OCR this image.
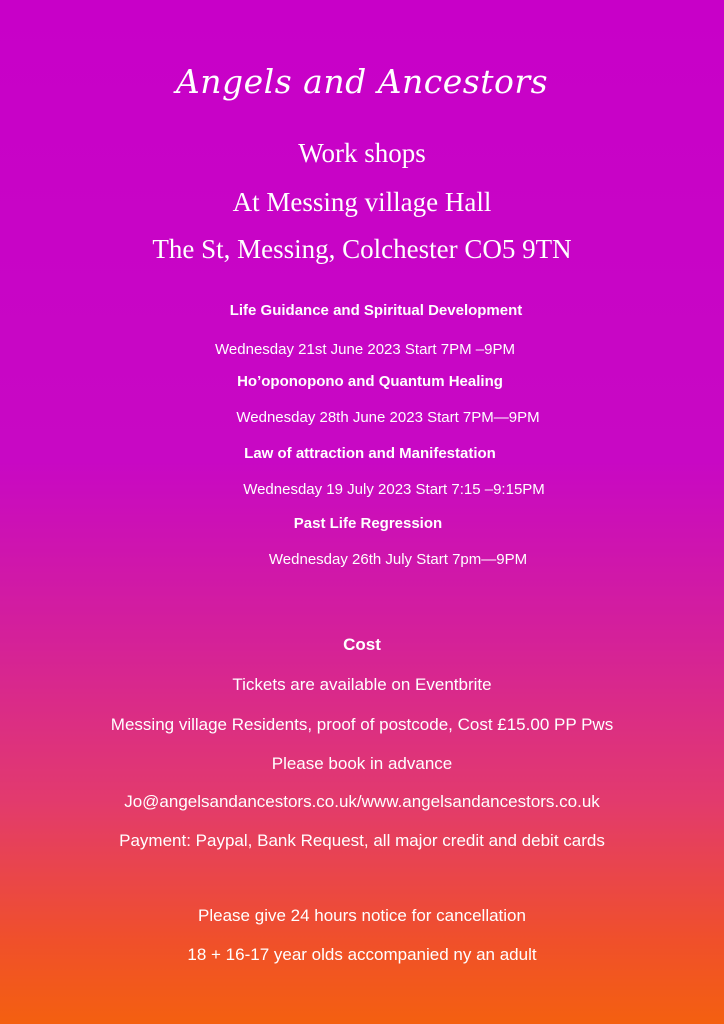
Angels and Ancestors
Work shops
At Messing village Hall
The St, Messing, Colchester CO5 9TN
Life Guidance and Spiritual Development
Wednesday 21st June 2023 Start 7PM –9PM
Ho’oponopono and Quantum Healing
Wednesday 28th June 2023 Start 7PM—9PM
Law of attraction and Manifestation
Wednesday 19 July 2023 Start 7:15 –9:15PM
Past Life Regression
Wednesday 26th July Start 7pm—9PM
Cost
Tickets are available on Eventbrite
Messing village Residents, proof of postcode, Cost £15.00 PP Pws
Please book in advance
Jo@angelsandancestors.co.uk/www.angelsandancestors.co.uk
Payment: Paypal, Bank Request, all major credit and debit cards
Please give 24 hours notice for cancellation
18 + 16-17 year olds accompanied ny an adult
